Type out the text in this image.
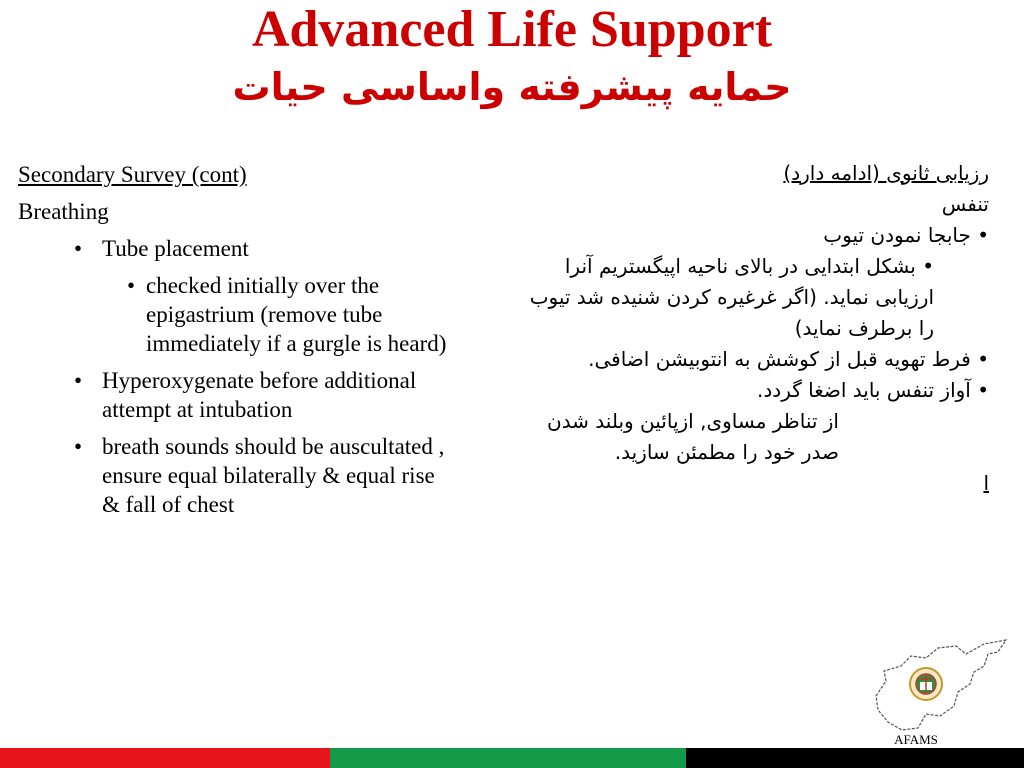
Advanced Life Support
حمایه پیشرفته واساسی حیات

Secondary Survey (cont)

Breathing

• Tube placement
• checked initially over the epigastrium (remove tube immediately if a gurgle is heard)
• Hyperoxygenate before additional attempt at intubation
• breath sounds should be auscultated , ensure equal bilaterally & equal rise & fall of chest

رزیابی ثانوی (ادامه دارد)

تنفس

• جابجا نمودن تیوب

• بشکل ابتدایی در بالای ناحیه اپیگستریم آنرا ارزیابی نماید. (اگر غرغیره کردن شنیده شد تیوب را برطرف نماید)

• فرط تهویه قبل از کوشش به انتوبیشن اضافی.

• آواز تنفس باید اضغا گردد.

از تناظر مساوی, ازپائین وبلند شدن صدر خود را مطمئن سازید.

ا

AFAMS
